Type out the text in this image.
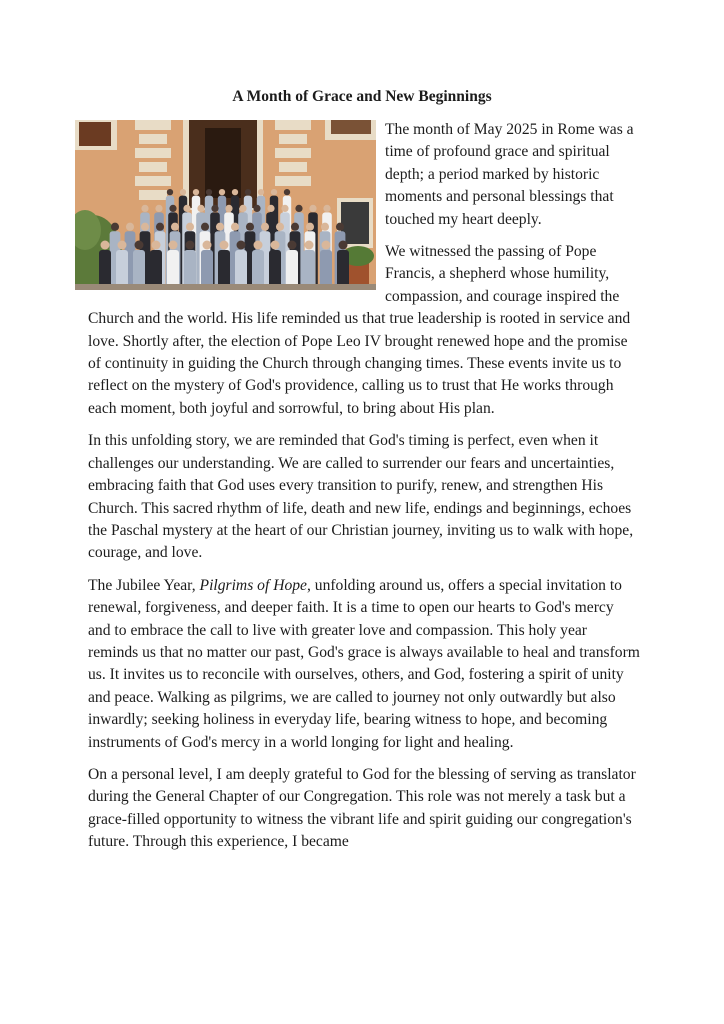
A Month of Grace and New Beginnings

The month of May 2025 in Rome was a time of profound grace and spiritual depth; a period marked by historic moments and personal blessings that touched my heart deeply.

We witnessed the passing of Pope Francis, a shepherd whose humility, compassion, and courage inspired the Church and the world. His life reminded us that true leadership is rooted in service and love. Shortly after, the election of Pope Leo IV brought renewed hope and the promise of continuity in guiding the Church through changing times. These events invite us to reflect on the mystery of God's providence, calling us to trust that He works through each moment, both joyful and sorrowful, to bring about His plan.

In this unfolding story, we are reminded that God's timing is perfect, even when it challenges our understanding. We are called to surrender our fears and uncertainties, embracing faith that God uses every transition to purify, renew, and strengthen His Church. This sacred rhythm of life, death and new life, endings and beginnings, echoes the Paschal mystery at the heart of our Christian journey, inviting us to walk with hope, courage, and love.

The Jubilee Year, Pilgrims of Hope, unfolding around us, offers a special invitation to renewal, forgiveness, and deeper faith. It is a time to open our hearts to God's mercy and to embrace the call to live with greater love and compassion. This holy year reminds us that no matter our past, God's grace is always available to heal and transform us. It invites us to reconcile with ourselves, others, and God, fostering a spirit of unity and peace. Walking as pilgrims, we are called to journey not only outwardly but also inwardly; seeking holiness in everyday life, bearing witness to hope, and becoming instruments of God's mercy in a world longing for light and healing.

On a personal level, I am deeply grateful to God for the blessing of serving as translator during the General Chapter of our Congregation. This role was not merely a task but a grace-filled opportunity to witness the vibrant life and spirit guiding our congregation's future. Through this experience, I became
